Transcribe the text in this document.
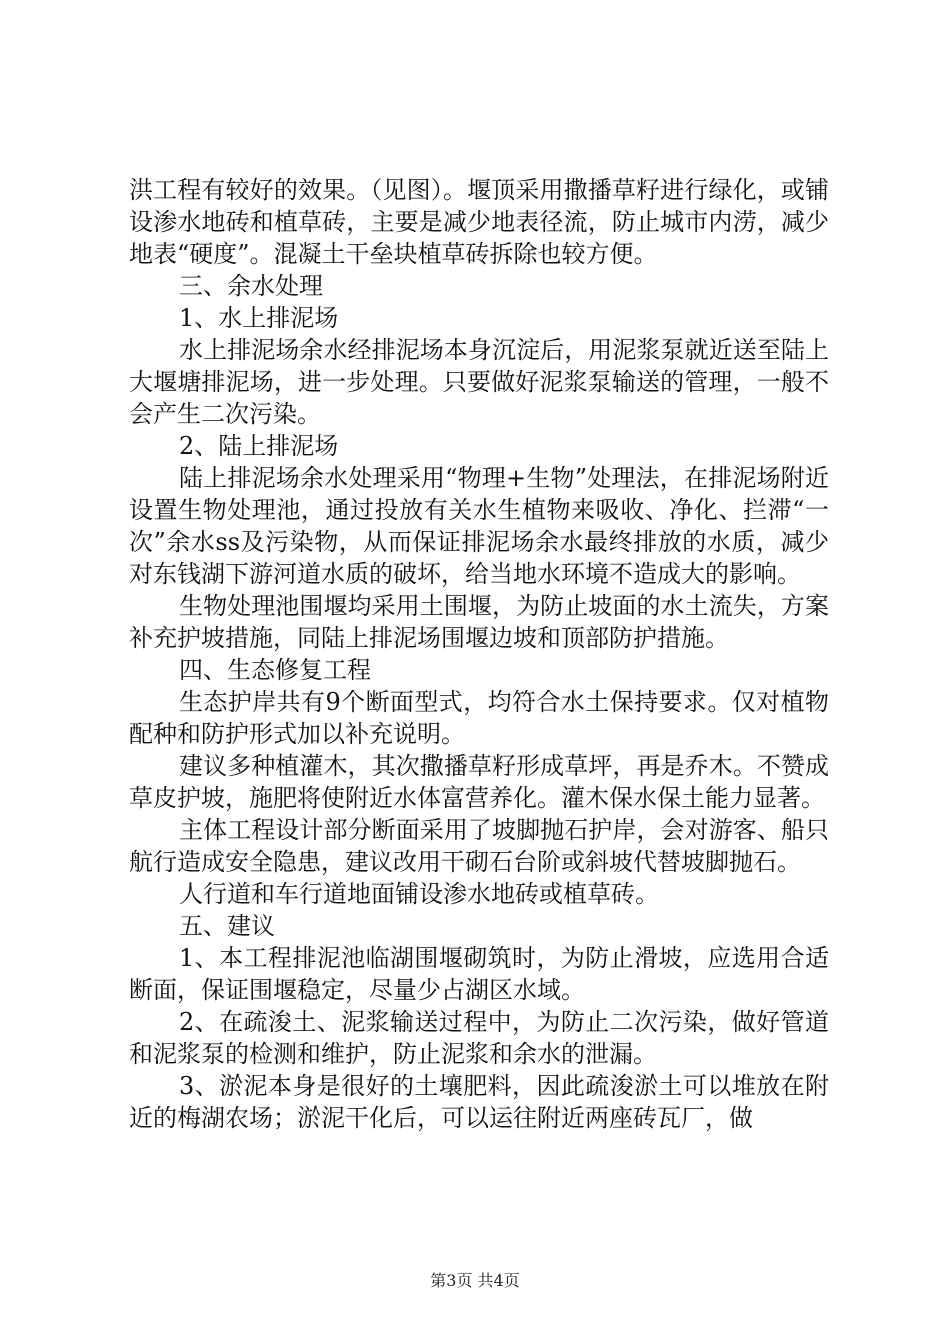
洪工程有较好的效果。（见图）。堰顶采用撒播草籽进行绿化，或铺设渗水地砖和植草砖，主要是减少地表径流，防止城市内涝，减少地表“硬度”。混凝土干垒块植草砖拆除也较方便。

三、余水处理

1、水上排泥场

水上排泥场余水经排泥场本身沉淀后，用泥浆泵就近送至陆上大堰塘排泥场，进一步处理。只要做好泥浆泵输送的管理，一般不会产生二次污染。

2、陆上排泥场

陆上排泥场余水处理采用“物理+生物”处理法，在排泥场附近设置生物处理池，通过投放有关水生植物来吸收、净化、拦滞“一次”余水ss及污染物，从而保证排泥场余水最终排放的水质，减少对东钱湖下游河道水质的破坏，给当地水环境不造成大的影响。

生物处理池围堰均采用土围堰，为防止坡面的水土流失，方案补充护坡措施，同陆上排泥场围堰边坡和顶部防护措施。

四、生态修复工程

生态护岸共有9个断面型式，均符合水土保持要求。仅对植物配种和防护形式加以补充说明。

建议多种植灌木，其次撒播草籽形成草坪，再是乔木。不赞成草皮护坡，施肥将使附近水体富营养化。灌木保水保土能力显著。

主体工程设计部分断面采用了坡脚抛石护岸，会对游客、船只航行造成安全隐患，建议改用干砌石台阶或斜坡代替坡脚抛石。

人行道和车行道地面铺设渗水地砖或植草砖。

五、建议

1、本工程排泥池临湖围堰砌筑时，为防止滑坡，应选用合适断面，保证围堰稳定，尽量少占湖区水域。

2、在疏浚土、泥浆输送过程中，为防止二次污染，做好管道和泥浆泵的检测和维护，防止泥浆和余水的泄漏。

3、淤泥本身是很好的土壤肥料，因此疏浚淤土可以堆放在附近的梅湖农场；淤泥干化后，可以运往附近两座砖瓦厂，做

第3页 共4页
